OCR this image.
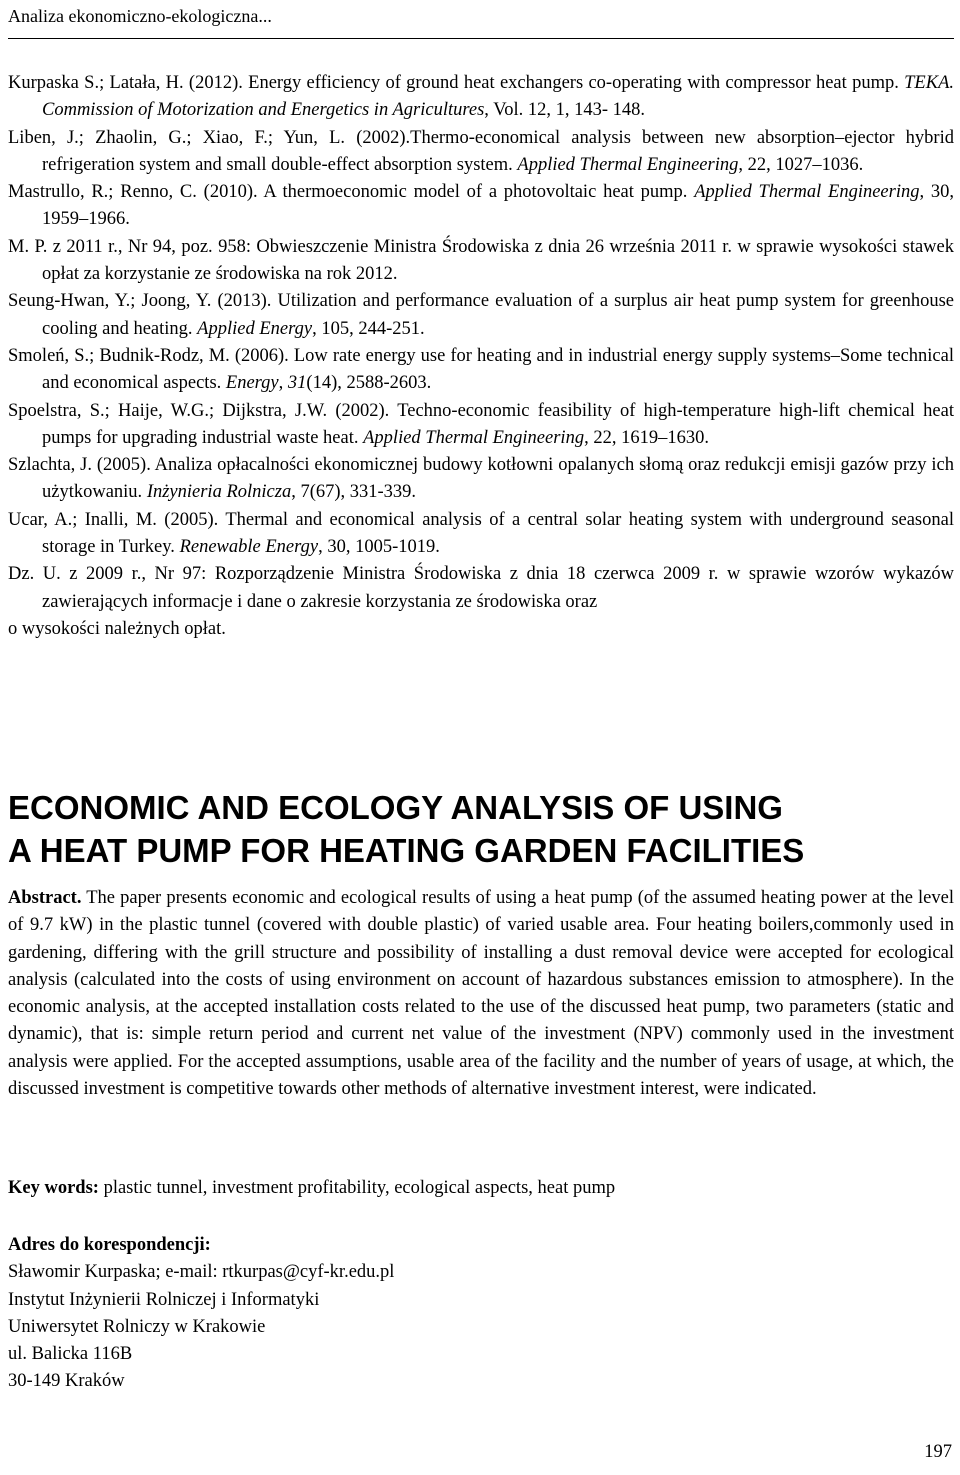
Analiza ekonomiczno-ekologiczna...

Kurpaska S.; Latała, H. (2012). Energy efficiency of ground heat exchangers co-operating with compressor heat pump. TEKA. Commission of Motorization and Energetics in Agricultures, Vol. 12, 1, 143- 148.

Liben, J.; Zhaolin, G.; Xiao, F.; Yun, L. (2002).Thermo-economical analysis between new absorption–ejector hybrid refrigeration system and small double-effect absorption system. Applied Thermal Engineering, 22, 1027–1036.

Mastrullo, R.; Renno, C. (2010). A thermoeconomic model of a photovoltaic heat pump. Applied Thermal Engineering, 30, 1959–1966.

M. P. z 2011 r., Nr 94, poz. 958: Obwieszczenie Ministra Środowiska z dnia 26 września 2011 r. w sprawie wysokości stawek opłat za korzystanie ze środowiska na rok 2012.

Seung-Hwan, Y.; Joong, Y. (2013). Utilization and performance evaluation of a surplus air heat pump system for greenhouse cooling and heating. Applied Energy, 105, 244-251.

Smoleń, S.; Budnik-Rodz, M. (2006). Low rate energy use for heating and in industrial energy supply systems–Some technical and economical aspects. Energy, 31(14), 2588-2603.

Spoelstra, S.; Haije, W.G.; Dijkstra, J.W. (2002). Techno-economic feasibility of high-temperature high-lift chemical heat pumps for upgrading industrial waste heat. Applied Thermal Engineering, 22, 1619–1630.

Szlachta, J. (2005). Analiza opłacalności ekonomicznej budowy kotłowni opalanych słomą oraz redukcji emisji gazów przy ich użytkowaniu. Inżynieria Rolnicza, 7(67), 331-339.

Ucar, A.; Inalli, M. (2005). Thermal and economical analysis of a central solar heating system with underground seasonal storage in Turkey. Renewable Energy, 30, 1005-1019.

Dz. U. z 2009 r., Nr 97: Rozporządzenie Ministra Środowiska z dnia 18 czerwca 2009 r. w sprawie wzorów wykazów zawierających informacje i dane o zakresie korzystania ze środowiska oraz

o wysokości należnych opłat.

ECONOMIC AND ECOLOGY ANALYSIS OF USING
A HEAT PUMP FOR HEATING GARDEN FACILITIES

Abstract. The paper presents economic and ecological results of using a heat pump (of the assumed heating power at the level of 9.7 kW) in the plastic tunnel (covered with double plastic) of varied usable area. Four heating boilers,commonly used in gardening, differing with the grill structure and possibility of installing a dust removal device were accepted for ecological analysis (calculated into the costs of using environment on account of hazardous substances emission to atmosphere). In the economic analysis, at the accepted installation costs related to the use of the discussed heat pump, two parameters (static and dynamic), that is: simple return period and current net value of the investment (NPV) commonly used in the investment analysis were applied. For the accepted assumptions, usable area of the facility and the number of years of usage, at which, the discussed investment is competitive towards other methods of alternative investment interest, were indicated.

Key words: plastic tunnel, investment profitability, ecological aspects, heat pump

Adres do korespondencji:
Sławomir Kurpaska; e-mail: rtkurpas@cyf-kr.edu.pl
Instytut Inżynierii Rolniczej i Informatyki
Uniwersytet Rolniczy w Krakowie
ul. Balicka 116B
30-149 Kraków
197
